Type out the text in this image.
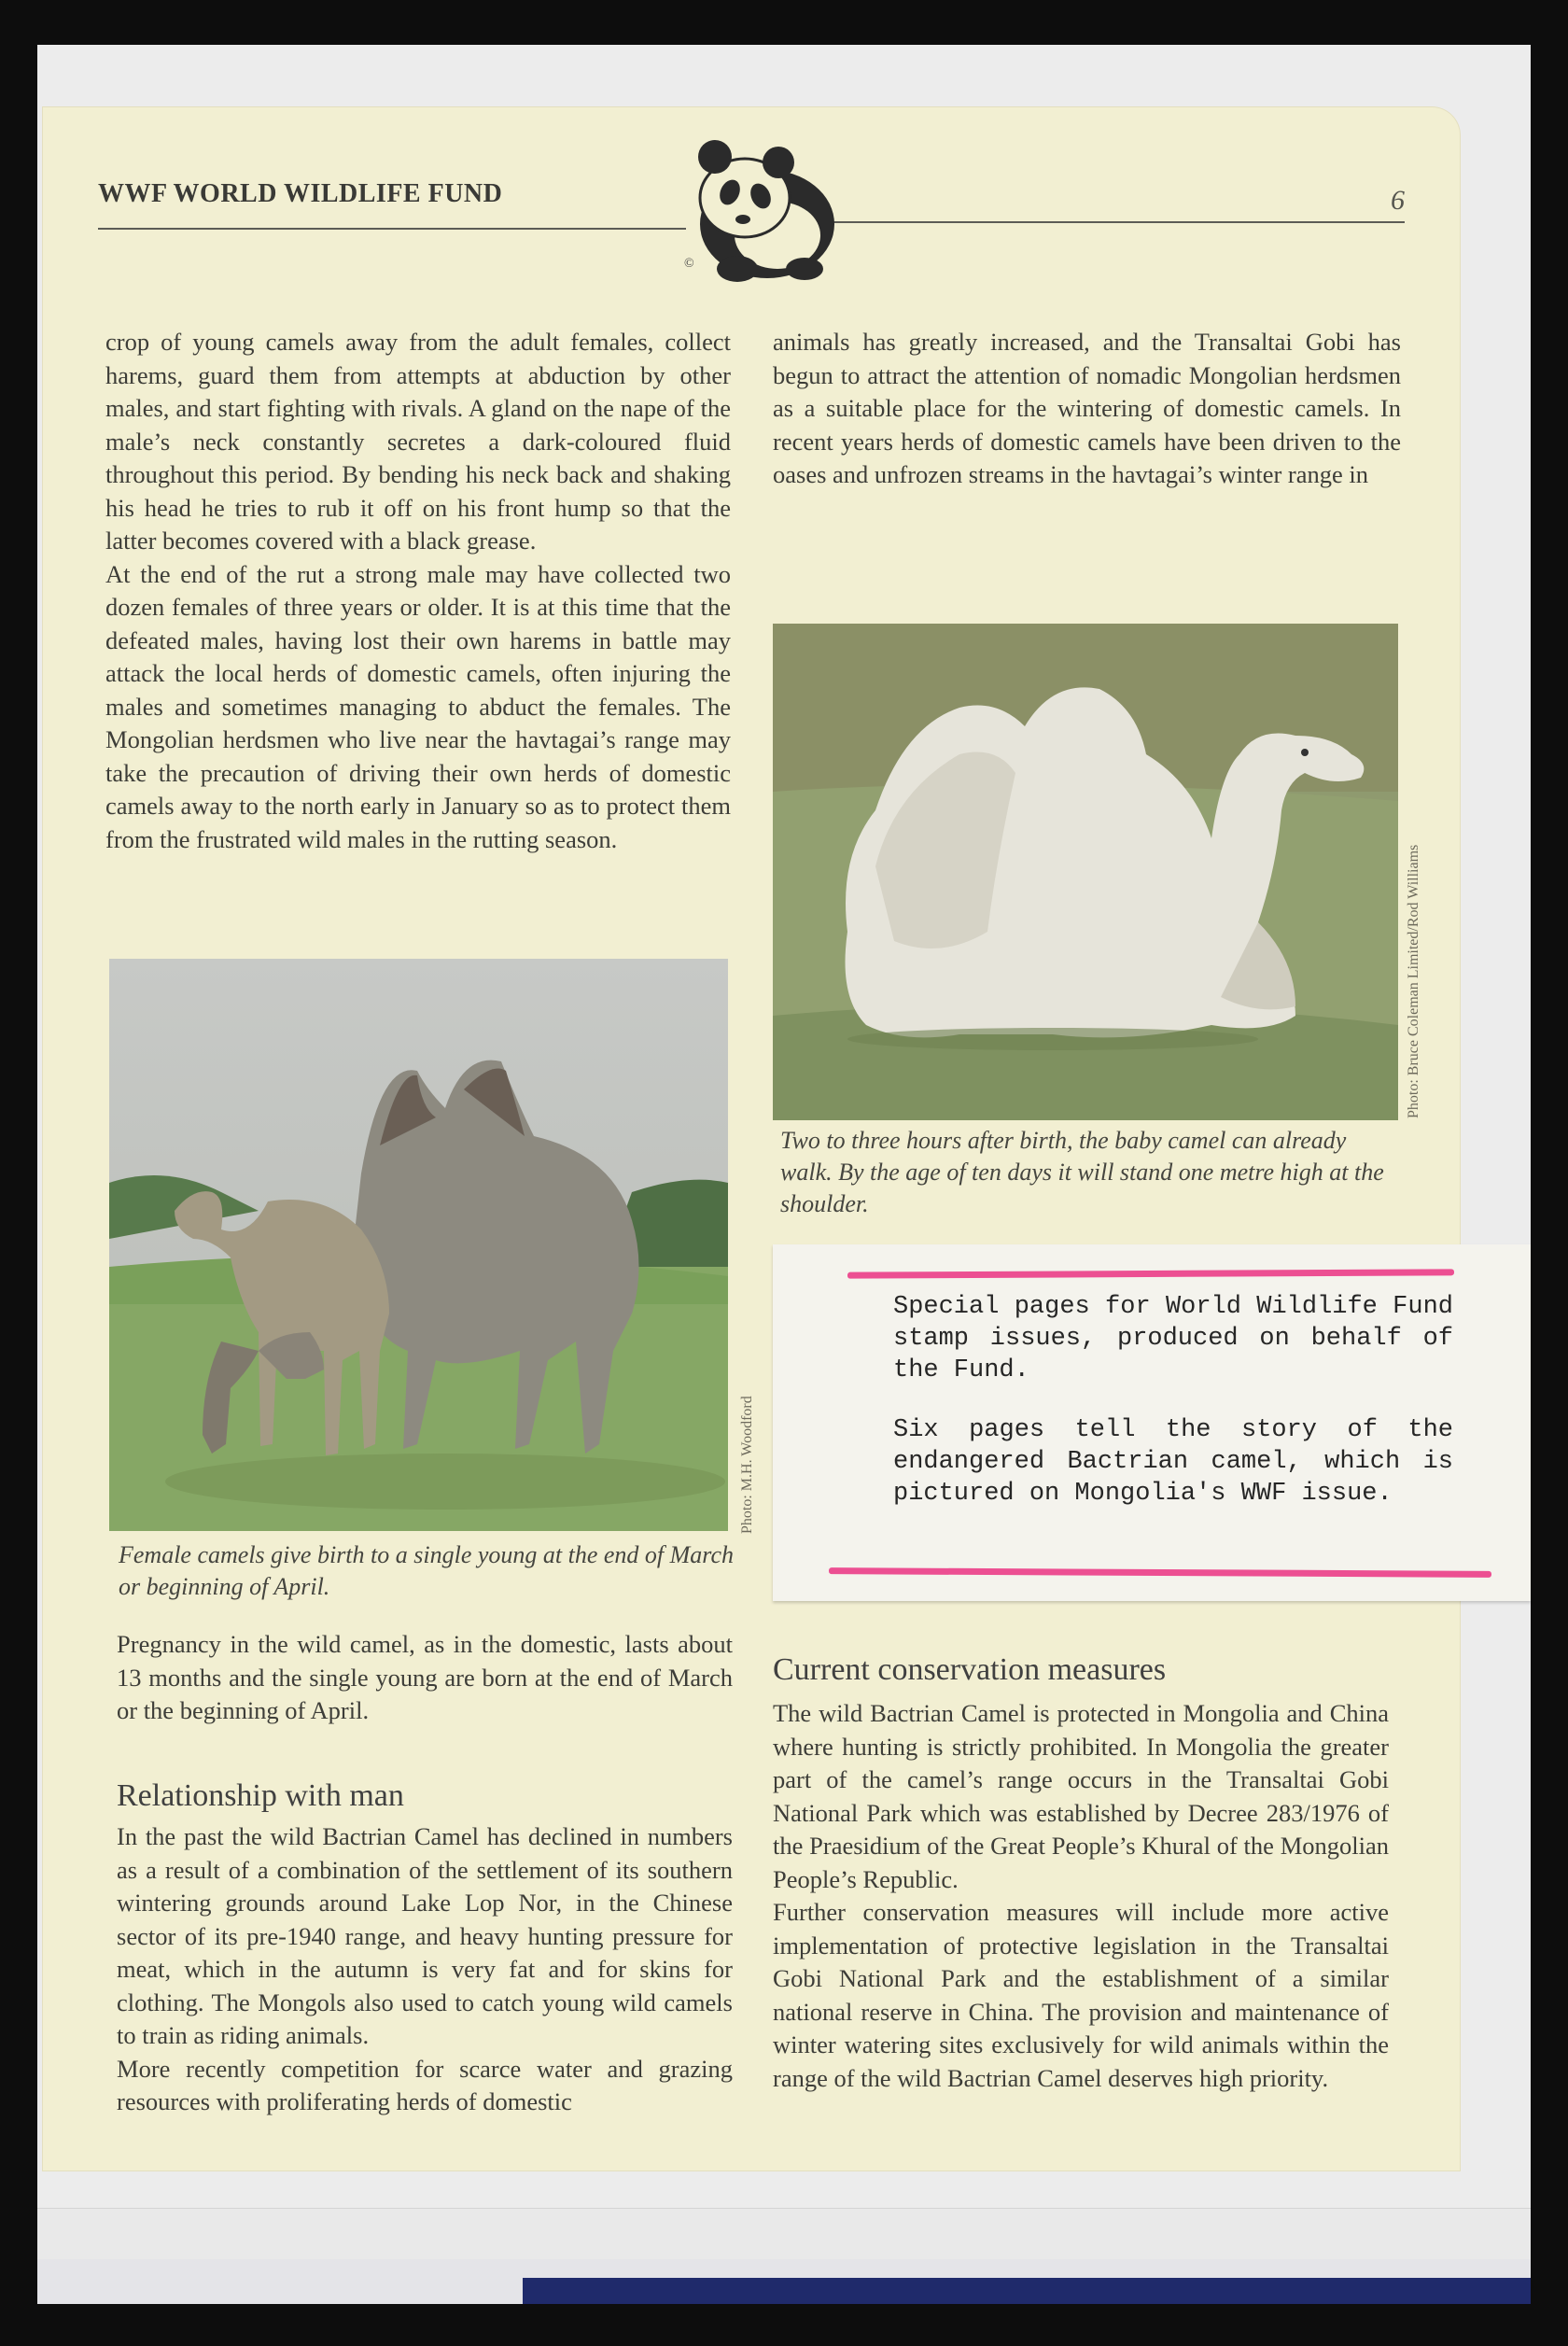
WWF WORLD WILDLIFE FUND	6
©

crop of young camels away from the adult females, collect harems, guard them from attempts at abduction by other males, and start fighting with rivals. A gland on the nape of the male’s neck constantly secretes a dark-coloured fluid throughout this period. By bending his neck back and shaking his head he tries to rub it off on his front hump so that the latter becomes covered with a black grease.

At the end of the rut a strong male may have collected two dozen females of three years or older. It is at this time that the defeated males, having lost their own harems in battle may attack the local herds of domestic camels, often injuring the males and sometimes managing to abduct the females. The Mongolian herdsmen who live near the havtagai’s range may take the precaution of driving their own herds of domestic camels away to the north early in January so as to protect them from the frustrated wild males in the rutting season.

animals has greatly increased, and the Transaltai Gobi has begun to attract the attention of nomadic Mongolian herdsmen as a suitable place for the wintering of domestic camels. In recent years herds of domestic camels have been driven to the oases and unfrozen streams in the havtagai’s winter range in

Photo: M.H. Woodford
Female camels give birth to a single young at the end of March or beginning of April.
Photo: Bruce Coleman Limited/Rod Williams
Two to three hours after birth, the baby camel can already walk. By the age of ten days it will stand one metre high at the shoulder.

Pregnancy in the wild camel, as in the domestic, lasts about 13 months and the single young are born at the end of March or the beginning of April.

Relationship with man

In the past the wild Bactrian Camel has declined in numbers as a result of a combination of the settlement of its southern wintering grounds around Lake Lop Nor, in the Chinese sector of its pre-1940 range, and heavy hunting pressure for meat, which in the autumn is very fat and for skins for clothing. The Mongols also used to catch young wild camels to train as riding animals.

More recently competition for scarce water and grazing resources with proliferating herds of domestic

Current conservation measures

The wild Bactrian Camel is protected in Mongolia and China where hunting is strictly prohibited. In Mongolia the greater part of the camel’s range occurs in the Transaltai Gobi National Park which was established by Decree 283/1976 of the Praesidium of the Great People’s Khural of the Mongolian People’s Republic.

Further conservation measures will include more active implementation of protective legislation in the Transaltai Gobi National Park and the establishment of a similar national reserve in China. The provision and maintenance of winter watering sites exclusively for wild animals within the range of the wild Bactrian Camel deserves high priority.

Special pages for World Wildlife Fund stamp issues, produced on behalf of the Fund.
Six pages tell the story of the endangered Bactrian camel, which is pictured on Mongolia's WWF issue.
